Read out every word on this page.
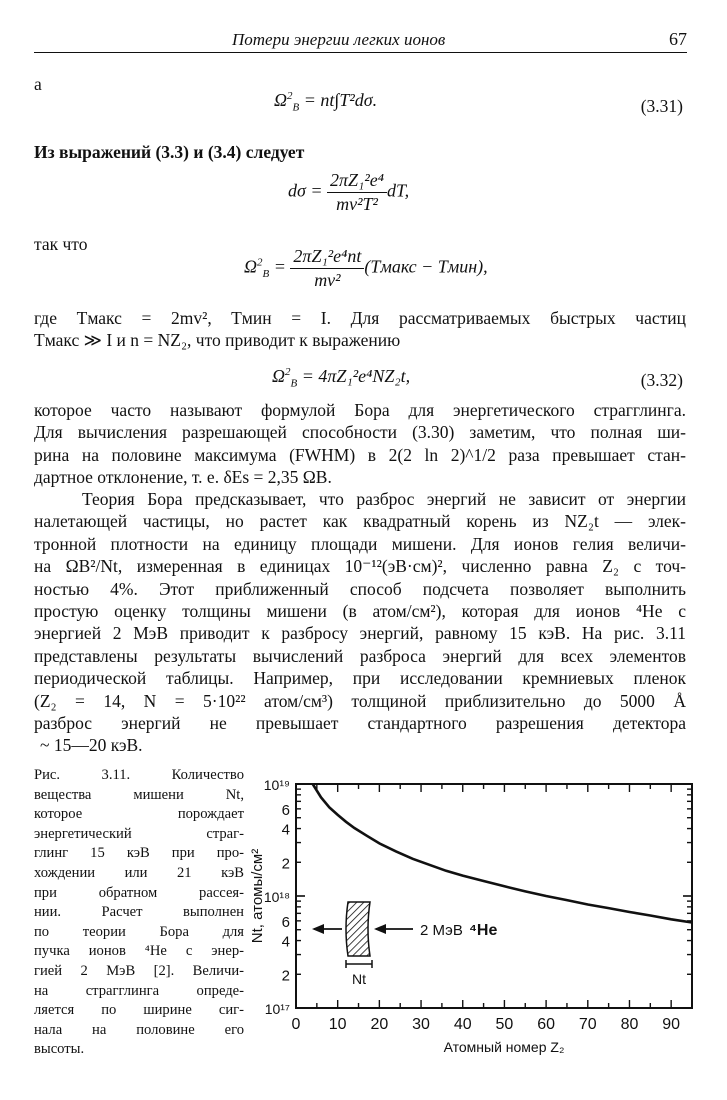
Потери энергии легких ионов	67
а
$\Omega^2_B = nt\int T^2d\sigma$.	(3.31)
Из выражений (3.3) и (3.4) следует
$d\sigma = \frac{\text{2πZ₁²e⁴}}{\text{mv²T²}}$ dT,
так что
$\Omega^2_B = \frac{\text{2πZ₁²e⁴nt}}{\text{mv²}}$ (Tмакс − Tмин),
где Tмакс = 2mv², Tмин = I. Для рассматриваемых быстрых частиц
Tмакс ≫ I и n = NZ₂, что приводит к выражению
$\Omega^2_B = 4\pi Z_1^2e^4NZ_2t$,	(3.32)
которое часто называют формулой Бора для энергетического страгглинга.
Для вычисления разрешающей способности (3.30) заметим, что полная ши-
рина на половине максимума (FWHM) в 2(2 ln 2)^1/2 раза превышает стан-
дартное отклонение, т. е. δEs = 2,35 ΩB.
Теория Бора предсказывает, что разброс энергий не зависит от энергии
налетающей частицы, но растет как квадратный корень из NZ₂t — элек-
тронной плотности на единицу площади мишени. Для ионов гелия величи-
на ΩB²/Nt, измеренная в единицах 10⁻¹²(эВ·см)², численно равна Z₂ с точ-
ностью 4%. Этот приближенный способ подсчета позволяет выполнить
простую оценку толщины мишени (в атом/см²), которая для ионов ⁴He с
энергией 2 МэВ приводит к разбросу энергий, равному 15 кэВ. На рис. 3.11
представлены результаты вычислений разброса энергий для всех элементов
периодической таблицы. Например, при исследовании кремниевых пленок
(Z₂ = 14, N = 5·10²² атом/см³) толщиной приблизительно до 5000 Å
разброс энергий не превышает стандартного разрешения детектора
~ 15—20 кэВ.
Рис. 3.11. Количество
вещества мишени Nt,
которое порождает
энергетический страг-
глинг 15 кэВ при про-
хождении или 21 кэВ
при обратном рассея-
нии. Расчет выполнен
по теории Бора для
пучка ионов ⁴He с энер-
гией 2 МэВ [2]. Величи-
на страгглинга опреде-
ляется по ширине сиг-
нала на половине его
высоты.
0 10 20 30 40 50 60 70 80 90
10¹⁹
10¹⁸
10¹⁷
6
4
2
6
4
2
2 МэВ ⁴He
Nt
Nt, атомы/см²
Атомный номер Z₂
